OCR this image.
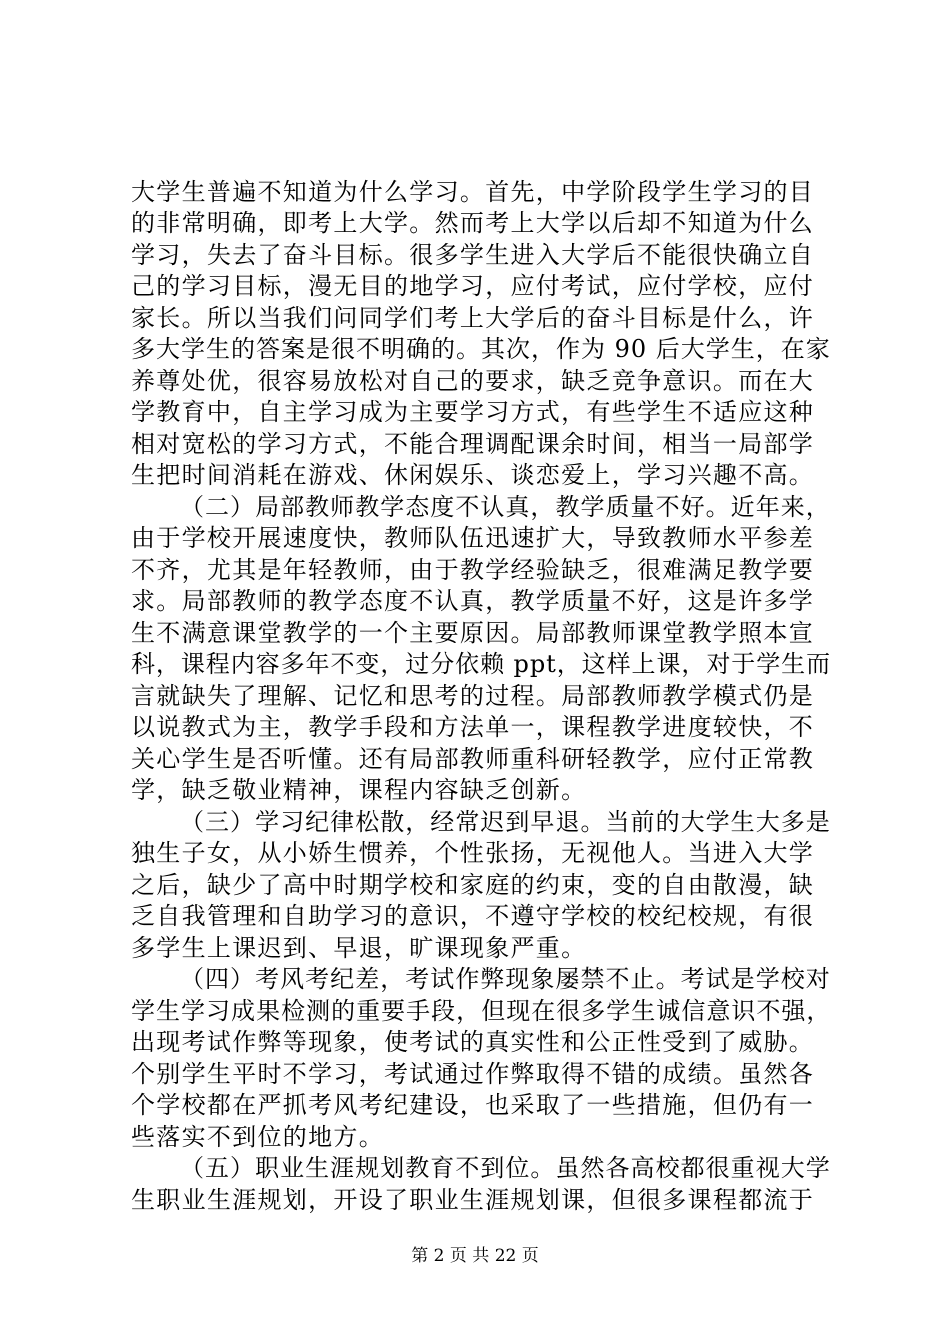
大学生普遍不知道为什么学习。首先，中学阶段学生学习的目
的非常明确，即考上大学。然而考上大学以后却不知道为什么
学习，失去了奋斗目标。很多学生进入大学后不能很快确立自
己的学习目标，漫无目的地学习，应付考试，应付学校，应付
家长。所以当我们问同学们考上大学后的奋斗目标是什么，许
多大学生的答案是很不明确的。其次，作为 90 后大学生，在家
养尊处优，很容易放松对自己的要求，缺乏竞争意识。而在大
学教育中，自主学习成为主要学习方式，有些学生不适应这种
相对宽松的学习方式，不能合理调配课余时间，相当一局部学
生把时间消耗在游戏、休闲娱乐、谈恋爱上，学习兴趣不高。
（二）局部教师教学态度不认真，教学质量不好。近年来，
由于学校开展速度快，教师队伍迅速扩大，导致教师水平参差
不齐，尤其是年轻教师，由于教学经验缺乏，很难满足教学要
求。局部教师的教学态度不认真，教学质量不好，这是许多学
生不满意课堂教学的一个主要原因。局部教师课堂教学照本宣
科，课程内容多年不变，过分依赖 ppt，这样上课，对于学生而
言就缺失了理解、记忆和思考的过程。局部教师教学模式仍是
以说教式为主，教学手段和方法单一，课程教学进度较快，不
关心学生是否听懂。还有局部教师重科研轻教学，应付正常教
学，缺乏敬业精神，课程内容缺乏创新。
（三）学习纪律松散，经常迟到早退。当前的大学生大多是
独生子女，从小娇生惯养，个性张扬，无视他人。当进入大学
之后，缺少了高中时期学校和家庭的约束，变的自由散漫，缺
乏自我管理和自助学习的意识，不遵守学校的校纪校规，有很
多学生上课迟到、早退，旷课现象严重。
（四）考风考纪差，考试作弊现象屡禁不止。考试是学校对
学生学习成果检测的重要手段，但现在很多学生诚信意识不强，
出现考试作弊等现象，使考试的真实性和公正性受到了威胁。
个别学生平时不学习，考试通过作弊取得不错的成绩。虽然各
个学校都在严抓考风考纪建设，也采取了一些措施，但仍有一
些落实不到位的地方。
（五）职业生涯规划教育不到位。虽然各高校都很重视大学
生职业生涯规划，开设了职业生涯规划课，但很多课程都流于
第 2 页 共 22 页
